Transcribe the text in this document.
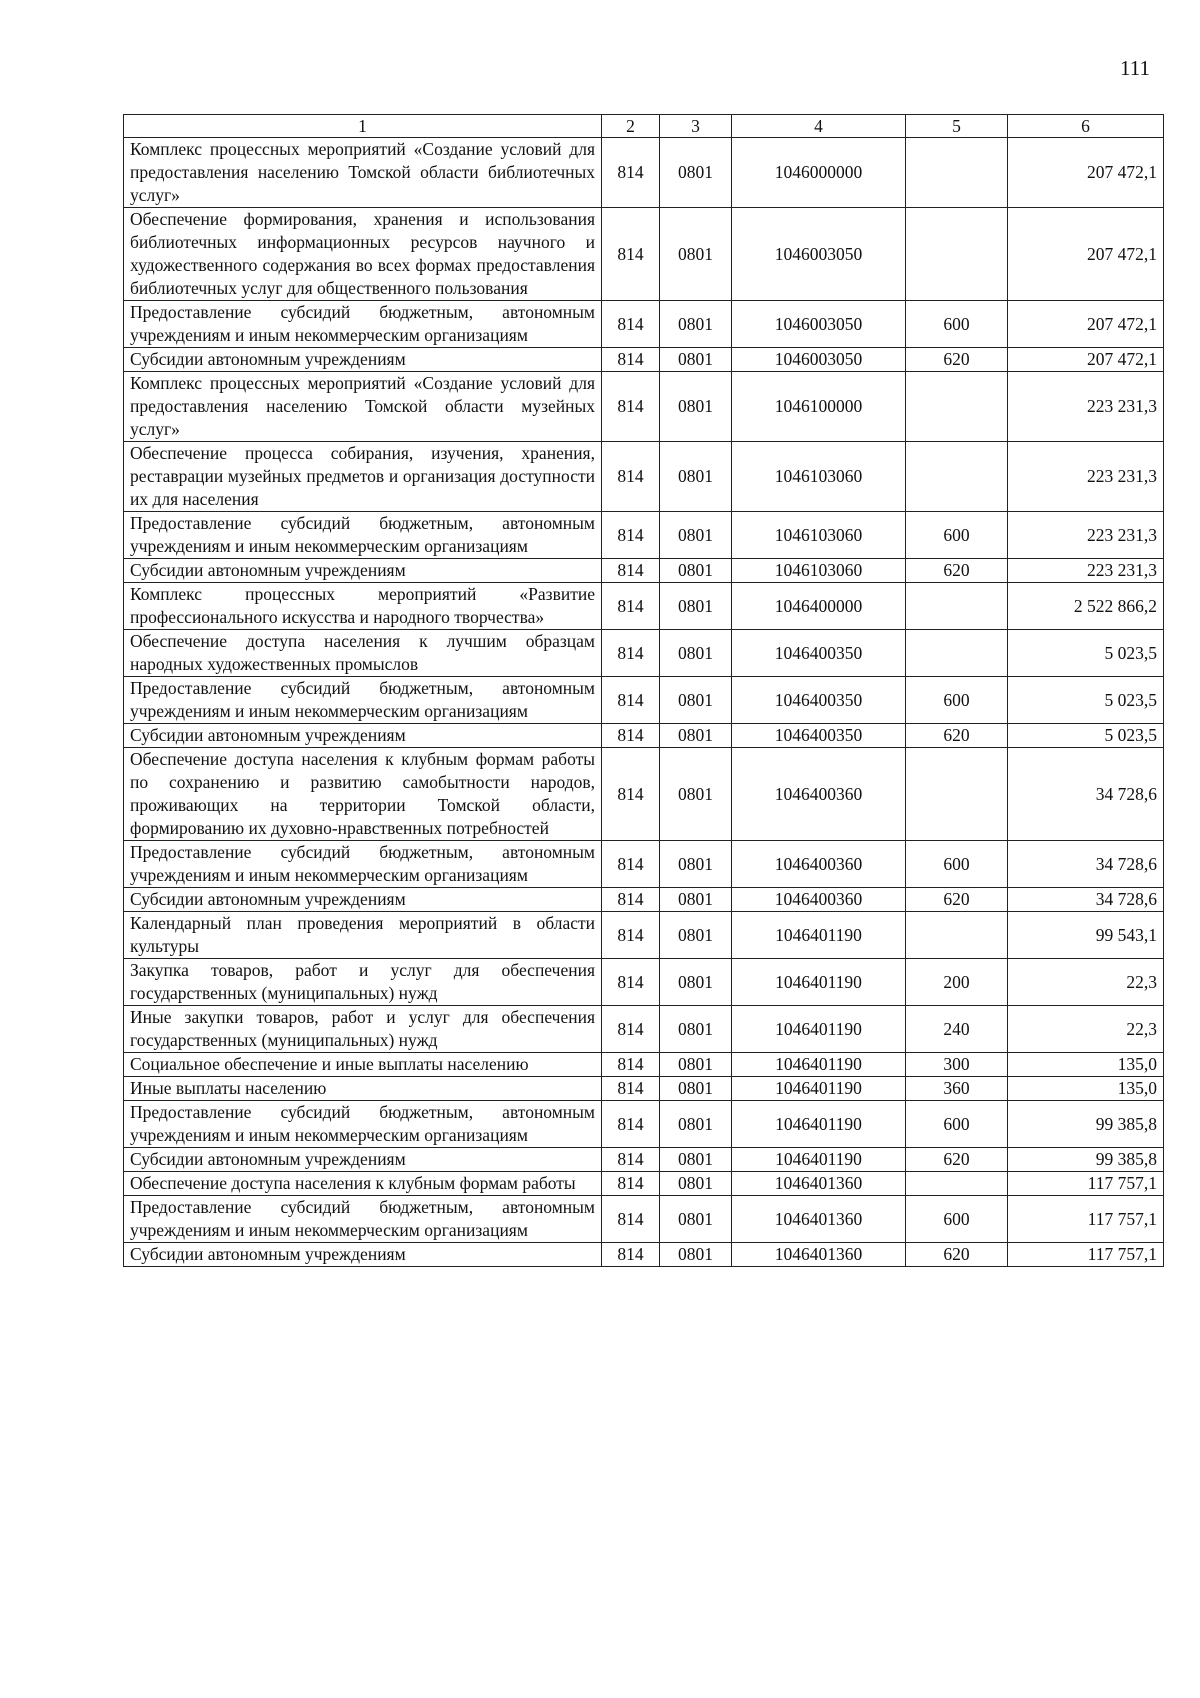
111
1	2	3	4	5	6
Комплекс процессных мероприятий «Создание условий для предоставления населению Томской области библиотечных услуг»	814	0801	1046000000		207 472,1
Обеспечение формирования, хранения и использования библиотечных информационных ресурсов научного и художественного содержания во всех формах предоставления библиотечных услуг для общественного пользования	814	0801	1046003050		207 472,1
Предоставление субсидий бюджетным, автономным учреждениям и иным некоммерческим организациям	814	0801	1046003050	600	207 472,1
Субсидии автономным учреждениям	814	0801	1046003050	620	207 472,1
Комплекс процессных мероприятий «Создание условий для предоставления населению Томской области музейных услуг»	814	0801	1046100000		223 231,3
Обеспечение процесса собирания, изучения, хранения, реставрации музейных предметов и организация доступности их для населения	814	0801	1046103060		223 231,3
Предоставление субсидий бюджетным, автономным учреждениям и иным некоммерческим организациям	814	0801	1046103060	600	223 231,3
Субсидии автономным учреждениям	814	0801	1046103060	620	223 231,3
Комплекс процессных мероприятий «Развитие профессионального искусства и народного творчества»	814	0801	1046400000		2 522 866,2
Обеспечение доступа населения к лучшим образцам народных художественных промыслов	814	0801	1046400350		5 023,5
Предоставление субсидий бюджетным, автономным учреждениям и иным некоммерческим организациям	814	0801	1046400350	600	5 023,5
Субсидии автономным учреждениям	814	0801	1046400350	620	5 023,5
Обеспечение доступа населения к клубным формам работы по сохранению и развитию самобытности народов, проживающих на территории Томской области, формированию их духовно-нравственных потребностей	814	0801	1046400360		34 728,6
Предоставление субсидий бюджетным, автономным учреждениям и иным некоммерческим организациям	814	0801	1046400360	600	34 728,6
Субсидии автономным учреждениям	814	0801	1046400360	620	34 728,6
Календарный план проведения мероприятий в области культуры	814	0801	1046401190		99 543,1
Закупка товаров, работ и услуг для обеспечения государственных (муниципальных) нужд	814	0801	1046401190	200	22,3
Иные закупки товаров, работ и услуг для обеспечения государственных (муниципальных) нужд	814	0801	1046401190	240	22,3
Социальное обеспечение и иные выплаты населению	814	0801	1046401190	300	135,0
Иные выплаты населению	814	0801	1046401190	360	135,0
Предоставление субсидий бюджетным, автономным учреждениям и иным некоммерческим организациям	814	0801	1046401190	600	99 385,8
Субсидии автономным учреждениям	814	0801	1046401190	620	99 385,8
Обеспечение доступа населения к клубным формам работы	814	0801	1046401360		117 757,1
Предоставление субсидий бюджетным, автономным учреждениям и иным некоммерческим организациям	814	0801	1046401360	600	117 757,1
Субсидии автономным учреждениям	814	0801	1046401360	620	117 757,1
